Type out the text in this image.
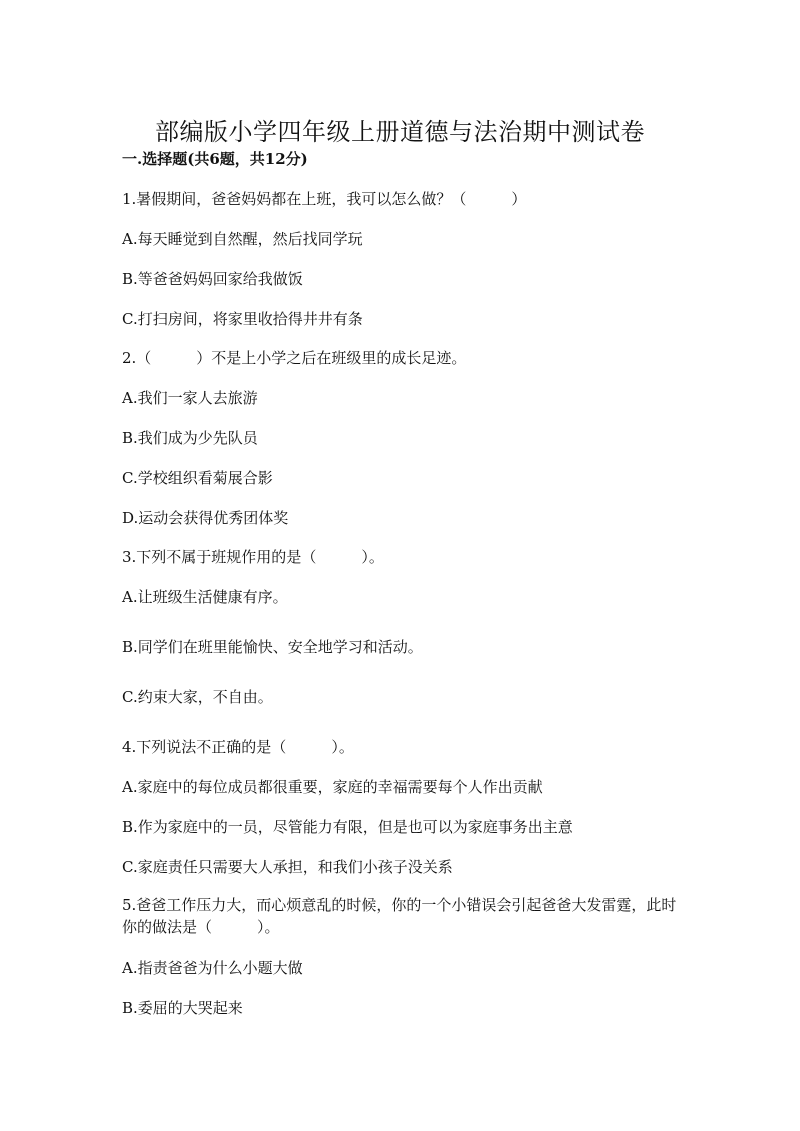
部编版小学四年级上册道德与法治期中测试卷
一.选择题(共6题，共12分)
1.暑假期间，爸爸妈妈都在上班，我可以怎么做？（　　　）
A.每天睡觉到自然醒，然后找同学玩
B.等爸爸妈妈回家给我做饭
C.打扫房间，将家里收拾得井井有条
2.（　　　）不是上小学之后在班级里的成长足迹。
A.我们一家人去旅游
B.我们成为少先队员
C.学校组织看菊展合影
D.运动会获得优秀团体奖
3.下列不属于班规作用的是（　　　）。
A.让班级生活健康有序。
B.同学们在班里能愉快、安全地学习和活动。
C.约束大家，不自由。
4.下列说法不正确的是（　　　）。
A.家庭中的每位成员都很重要，家庭的幸福需要每个人作出贡献
B.作为家庭中的一员，尽管能力有限，但是也可以为家庭事务出主意
C.家庭责任只需要大人承担，和我们小孩子没关系
5.爸爸工作压力大，而心烦意乱的时候，你的一个小错误会引起爸爸大发雷霆，此时你的做法是（　　　）。
A.指责爸爸为什么小题大做
B.委屈的大哭起来
